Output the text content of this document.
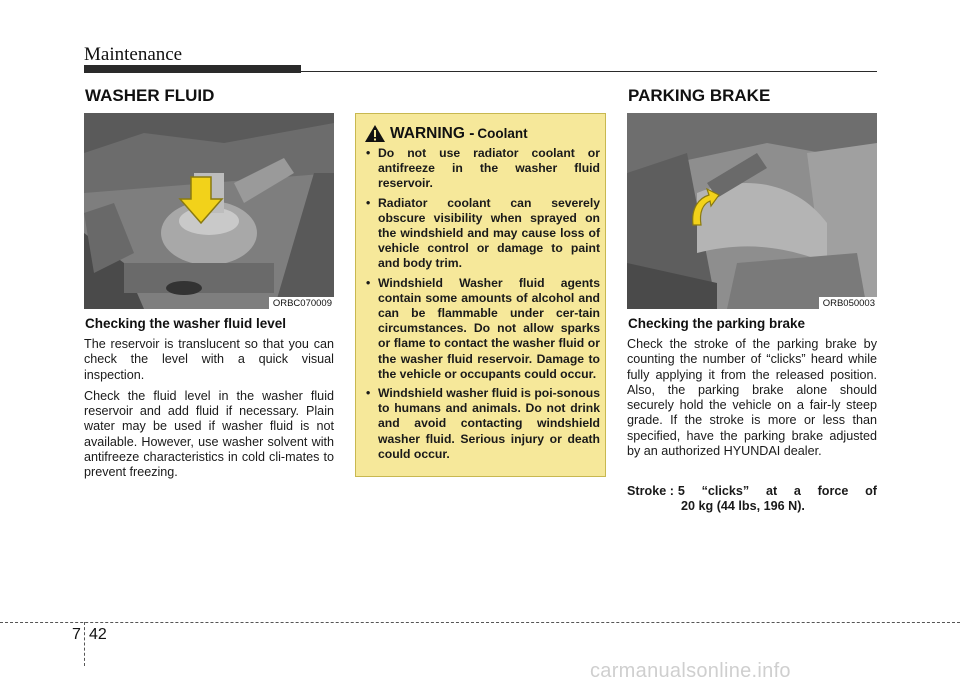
Maintenance
WASHER FLUID
ORBC070009
Checking the washer fluid level

The reservoir is translucent so that you can check the level with a quick visual inspection.

Check the fluid level in the washer fluid reservoir and add fluid if necessary. Plain water may be used if washer fluid is not available. However, use washer solvent with antifreeze characteristics in cold cli-mates to prevent freezing.

WARNING - Coolant
• Do not use radiator coolant or antifreeze in the washer fluid reservoir.
• Radiator coolant can severely obscure visibility when sprayed on the windshield and may cause loss of vehicle control or damage to paint and body trim.
• Windshield Washer fluid agents contain some amounts of alcohol and can be flammable under cer-tain circumstances. Do not allow sparks or flame to contact the washer fluid or the washer fluid reservoir. Damage to the vehicle or occupants could occur.
• Windshield washer fluid is poi-sonous to humans and animals. Do not drink and avoid contacting windshield washer fluid. Serious injury or death could occur.
PARKING BRAKE
ORB050003
Checking the parking brake

Check the stroke of the parking brake by counting the number of “clicks” heard while fully applying it from the released position. Also, the parking brake alone should securely hold the vehicle on a fair-ly steep grade. If the stroke is more or less than specified, have the parking brake adjusted by an authorized HYUNDAI dealer.

Stroke : 5 “clicks” at a force of
20 kg (44 lbs, 196 N).
7 42
carmanualsonline.info
